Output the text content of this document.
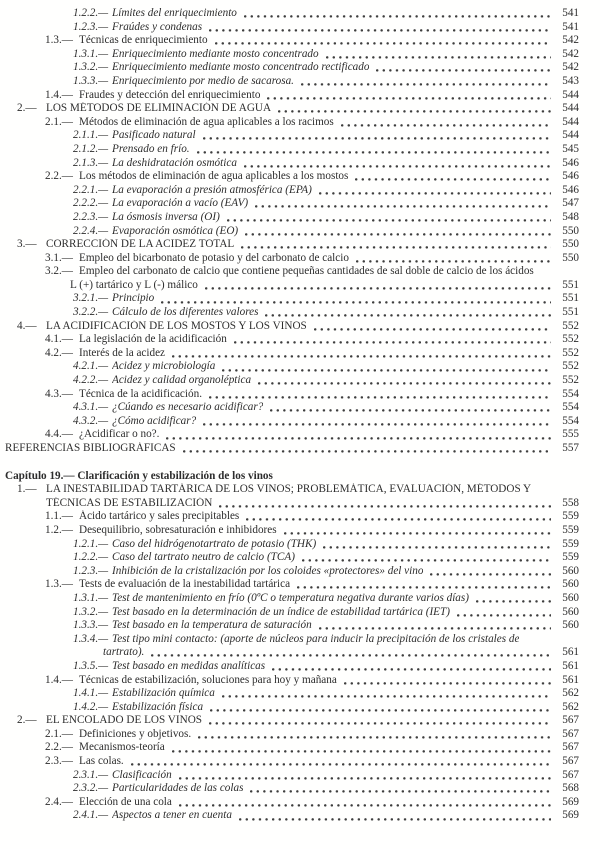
1.2.2.— Límites del enriquecimiento	541
1.2.3.— Fraúdes y condenas	541
1.3.— Técnicas de enriquecimiento	542
1.3.1.— Enriquecimiento mediante mosto concentrado	542
1.3.2.— Enriquecimiento mediante mosto concentrado rectificado	542
1.3.3.— Enriquecimiento por medio de sacarosa.	543
1.4.— Fraudes y detección del enriquecimiento	544
2.— LOS MÉTODOS DE ELIMINACIÓN DE AGUA	544
2.1.— Métodos de eliminación de agua aplicables a los racimos	544
2.1.1.— Pasificado natural	544
2.1.2.— Prensado en frío.	545
2.1.3.— La deshidratación osmótica	546
2.2.— Los métodos de eliminación de agua aplicables a los mostos	546
2.2.1.— La evaporación a presión atmosférica (EPA)	546
2.2.2.— La evaporación a vacío (EAV)	547
2.2.3.— La ósmosis inversa (OI)	548
2.2.4.— Evaporación osmótica (EO)	550
3.— CORRECCIÓN DE LA ACIDEZ TOTAL	550
3.1.— Empleo del bicarbonato de potasio y del carbonato de calcio	550
3.2.— Empleo del carbonato de calcio que contiene pequeñas cantidades de sal doble de calcio de los ácidos
L (+) tartárico y L (-) málico	551
3.2.1.— Principio	551
3.2.2.— Cálculo de los diferentes valores	551
4.— LA ACIDIFICACIÓN DE LOS MOSTOS Y LOS VINOS	552
4.1.— La legislación de la acidificación	552
4.2.— Interés de la acidez	552
4.2.1.— Acidez y microbiología	552
4.2.2.— Acidez y calidad organoléptica	552
4.3.— Técnica de la acidificación.	554
4.3.1.— ¿Cúando es necesario acidificar?	554
4.3.2.— ¿Cómo acidificar?	554
4.4.— ¿Acidificar o no?.	555
REFERENCIAS BIBLIOGRÁFICAS	557
Capítulo 19.— Clarificación y estabilización de los vinos
1.— LA INESTABILIDAD TARTÁRICA DE LOS VINOS; PROBLEMÁTICA, EVALUACIÓN, MÉTODOS Y
TÉCNICAS DE ESTABILIZACIÓN	558
1.1.— Ácido tartárico y sales precipitables	559
1.2.— Desequilibrio, sobresaturación e inhibidores	559
1.2.1.— Caso del hidrógenotartrato de potasio (THK)	559
1.2.2.— Caso del tartrato neutro de calcio (TCA)	559
1.2.3.— Inhibición de la cristalización por los coloides «protectores» del vino	560
1.3.— Tests de evaluación de la inestabilidad tartárica	560
1.3.1.— Test de mantenimiento en frío (0ºC o temperatura negativa durante varios días)	560
1.3.2.— Test basado en la determinación de un índice de estabilidad tartárica (IET)	560
1.3.3.— Test basado en la temperatura de saturación	560
1.3.4.— Test tipo mini contacto: (aporte de núcleos para inducir la precipitación de los cristales de
tartrato).	561
1.3.5.— Test basado en medidas analíticas	561
1.4.— Técnicas de estabilización, soluciones para hoy y mañana	561
1.4.1.— Estabilización química	562
1.4.2.— Estabilización física	562
2.— EL ENCOLADO DE LOS VINOS	567
2.1.— Definiciones y objetivos.	567
2.2.— Mecanismos-teoría	567
2.3.— Las colas.	567
2.3.1.— Clasificación	567
2.3.2.— Particularidades de las colas	568
2.4.— Elección de una cola	569
2.4.1.— Aspectos a tener en cuenta	569
